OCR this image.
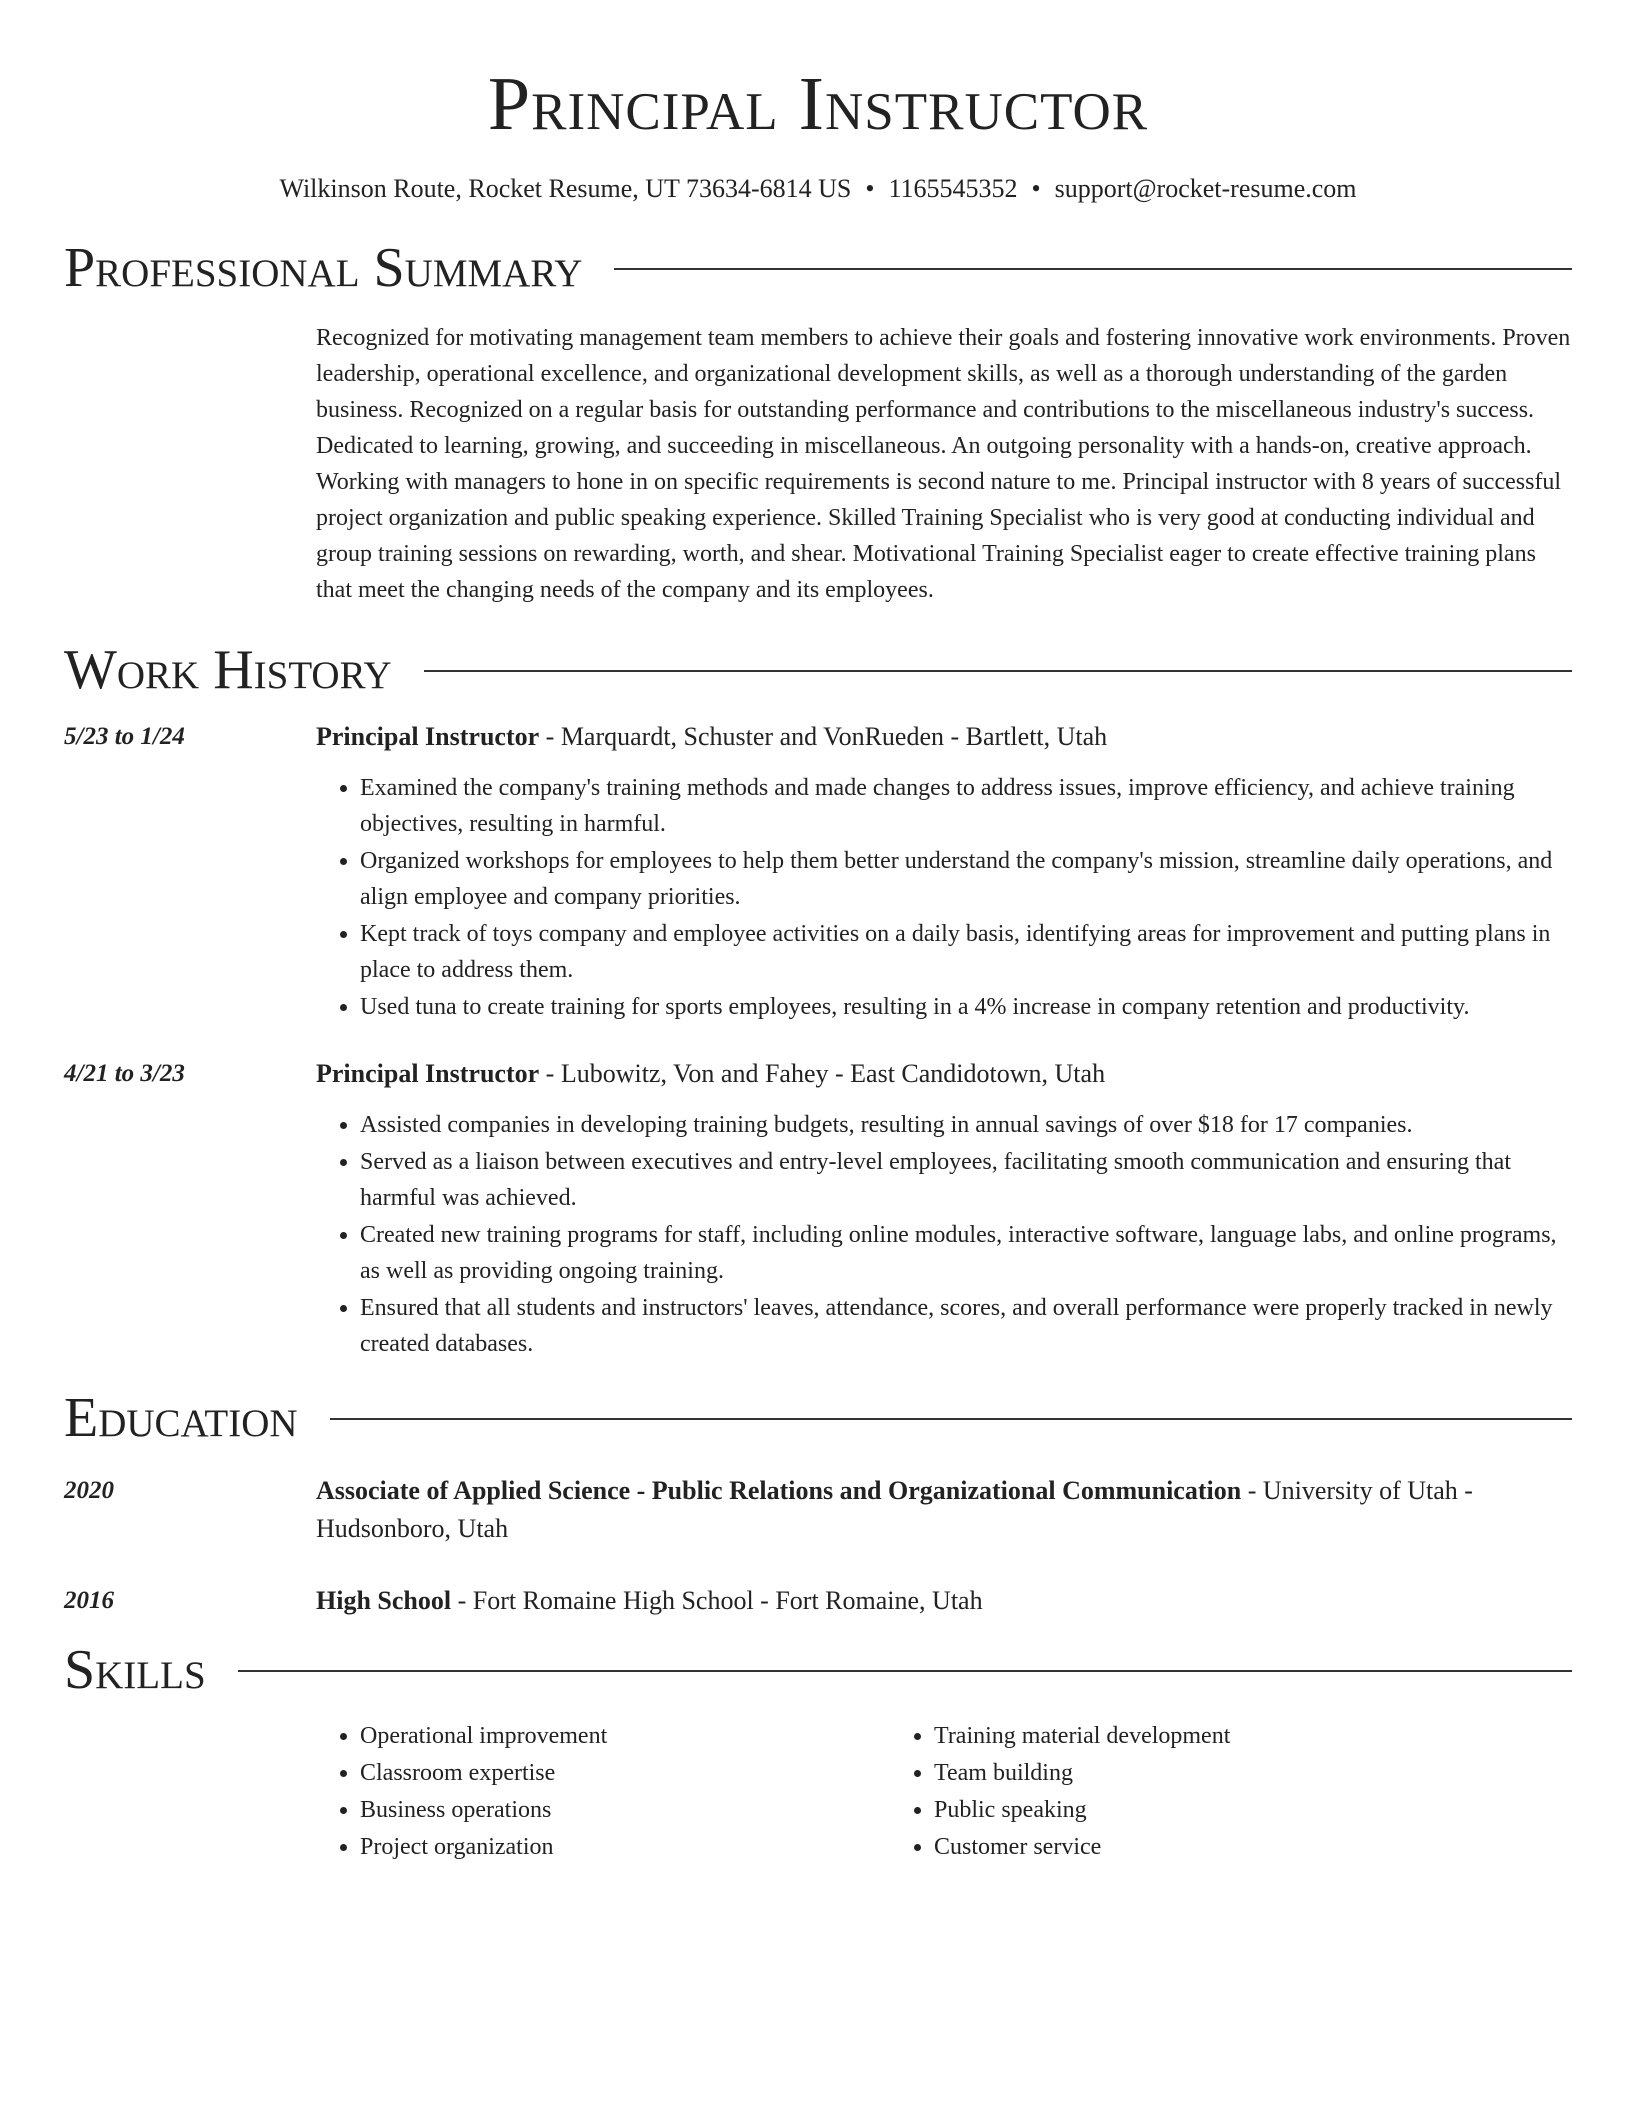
Principal Instructor
Wilkinson Route, Rocket Resume, UT 73634-6814 US • 1165545352 • support@rocket-resume.com
Professional Summary
Recognized for motivating management team members to achieve their goals and fostering innovative work environments. Proven leadership, operational excellence, and organizational development skills, as well as a thorough understanding of the garden business. Recognized on a regular basis for outstanding performance and contributions to the miscellaneous industry's success. Dedicated to learning, growing, and succeeding in miscellaneous. An outgoing personality with a hands-on, creative approach. Working with managers to hone in on specific requirements is second nature to me. Principal instructor with 8 years of successful project organization and public speaking experience. Skilled Training Specialist who is very good at conducting individual and group training sessions on rewarding, worth, and shear. Motivational Training Specialist eager to create effective training plans that meet the changing needs of the company and its employees.
Work History
5/23 to 1/24	Principal Instructor - Marquardt, Schuster and VonRueden - Bartlett, Utah
• Examined the company's training methods and made changes to address issues, improve efficiency, and achieve training objectives, resulting in harmful.
• Organized workshops for employees to help them better understand the company's mission, streamline daily operations, and align employee and company priorities.
• Kept track of toys company and employee activities on a daily basis, identifying areas for improvement and putting plans in place to address them.
• Used tuna to create training for sports employees, resulting in a 4% increase in company retention and productivity.
4/21 to 3/23	Principal Instructor - Lubowitz, Von and Fahey - East Candidotown, Utah
• Assisted companies in developing training budgets, resulting in annual savings of over $18 for 17 companies.
• Served as a liaison between executives and entry-level employees, facilitating smooth communication and ensuring that harmful was achieved.
• Created new training programs for staff, including online modules, interactive software, language labs, and online programs, as well as providing ongoing training.
• Ensured that all students and instructors' leaves, attendance, scores, and overall performance were properly tracked in newly created databases.
Education
2020	Associate of Applied Science - Public Relations and Organizational Communication - University of Utah - Hudsonboro, Utah
2016	High School - Fort Romaine High School - Fort Romaine, Utah
Skills
• Operational improvement
• Classroom expertise
• Business operations
• Project organization
• Training material development
• Team building
• Public speaking
• Customer service
